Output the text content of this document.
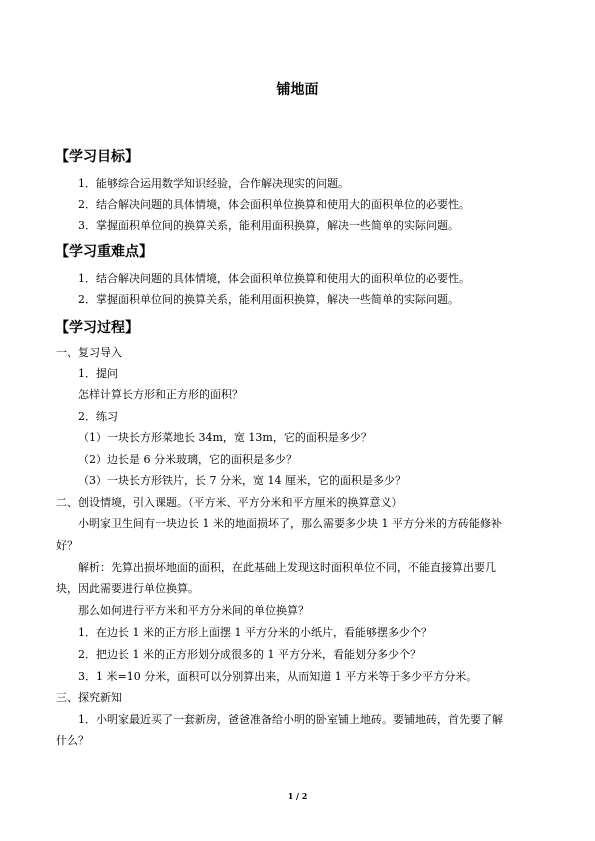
铺地面
【学习目标】
1．能够综合运用数学知识经验，合作解决现实的问题。
2．结合解决问题的具体情境，体会面积单位换算和使用大的面积单位的必要性。
3．掌握面积单位间的换算关系，能利用面积换算，解决一些简单的实际问题。
【学习重难点】
1．结合解决问题的具体情境，体会面积单位换算和使用大的面积单位的必要性。
2．掌握面积单位间的换算关系，能利用面积换算，解决一些简单的实际问题。
【学习过程】
一、复习导入
1．提问
怎样计算长方形和正方形的面积？
2．练习
（1）一块长方形菜地长 34m，宽 13m，它的面积是多少？
（2）边长是 6 分米玻璃，它的面积是多少？
（3）一块长方形铁片，长 7 分米，宽 14 厘米，它的面积是多少？
二、创设情境，引入课题。（平方米、平方分米和平方厘米的换算意义）
小明家卫生间有一块边长 1 米的地面损坏了，那么需要多少块 1 平方分米的方砖能修补
好？
解析：先算出损坏地面的面积，在此基础上发现这时面积单位不同，不能直接算出要几
块，因此需要进行单位换算。
那么如何进行平方米和平方分米间的单位换算？
1．在边长 1 米的正方形上面摆 1 平方分米的小纸片，看能够摆多少个？
2．把边长 1 米的正方形划分成很多的 1 平方分米，看能划分多少个？
3．1 米=10 分米，面积可以分别算出来，从而知道 1 平方米等于多少平方分米。
三、探究新知
1．小明家最近买了一套新房，爸爸准备给小明的卧室铺上地砖。要铺地砖，首先要了解
什么？
1 / 2
